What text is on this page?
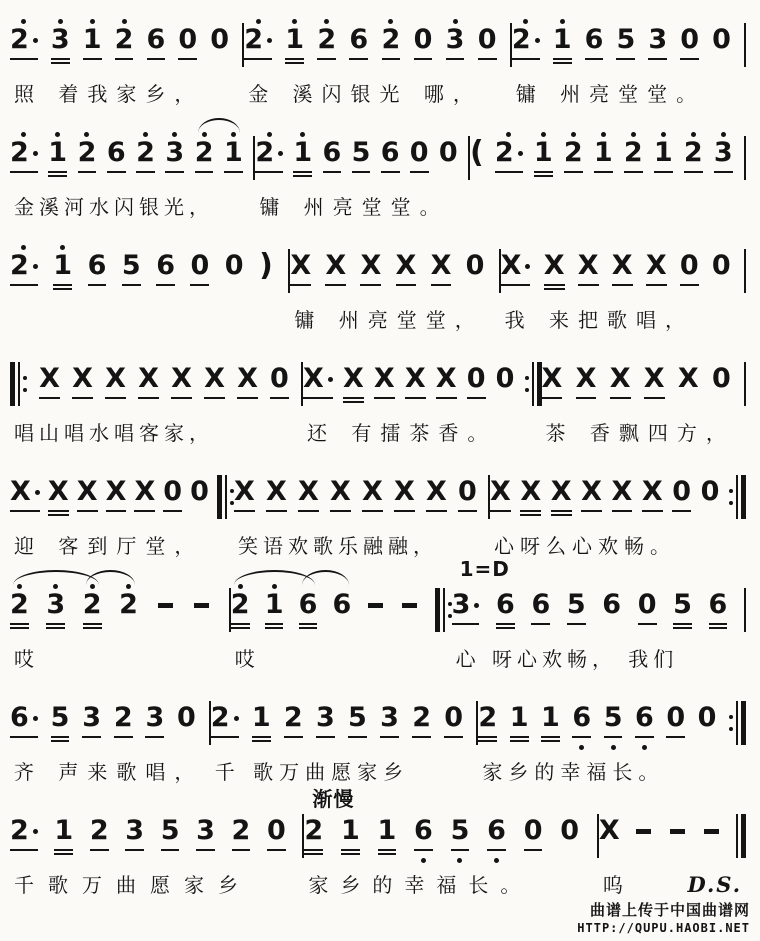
2 3 1 2 6 0 0
照 着我家乡，
2 1 2 6 2 0 3 0
金 溪闪银光 哪，
2 1 6 5 3 0 0
镛 州亮堂堂。
2 1 2 6 2 3 2 1
金溪河水闪银光，
2 1 6 5 6 0 0
镛 州亮堂堂。
( 2 1 2 1 2 1 2 3
2 1 6 5 6 0 0 ) X X X X X 0
镛 州亮堂堂，
X X X X X 0 0
我 来把歌唱，
X X X X X X X 0
唱山唱水唱客家，
X X X X X 0 0
还 有擂茶香。
X X X X X 0
茶 香飘四方，
X X X X X 0 0
迎 客到厅堂，
X X X X X X X 0
笑语欢歌乐融融，
X X X X X X 0 0
心呀么心欢畅。
2 3 2 2
哎
2 1 6 6
哎
1=D
3 6 6 5 6 0 5 6
心 呀心欢畅， 我们
6 5 3 2 3 0
齐 声来歌唱，
2 1 2 3 5 3 2 0
千 歌万曲愿家乡
2 1 1 6 5 6 0 0
家乡的幸福长。
2 1 2 3 5 3 2 0
千歌万曲愿家乡
渐慢
2 1 1 6 5 6 0 0
家乡的幸福长。
X
呜	D.S.
曲谱上传于中国曲谱网
HTTP://QUPU.HAOBI.NET
